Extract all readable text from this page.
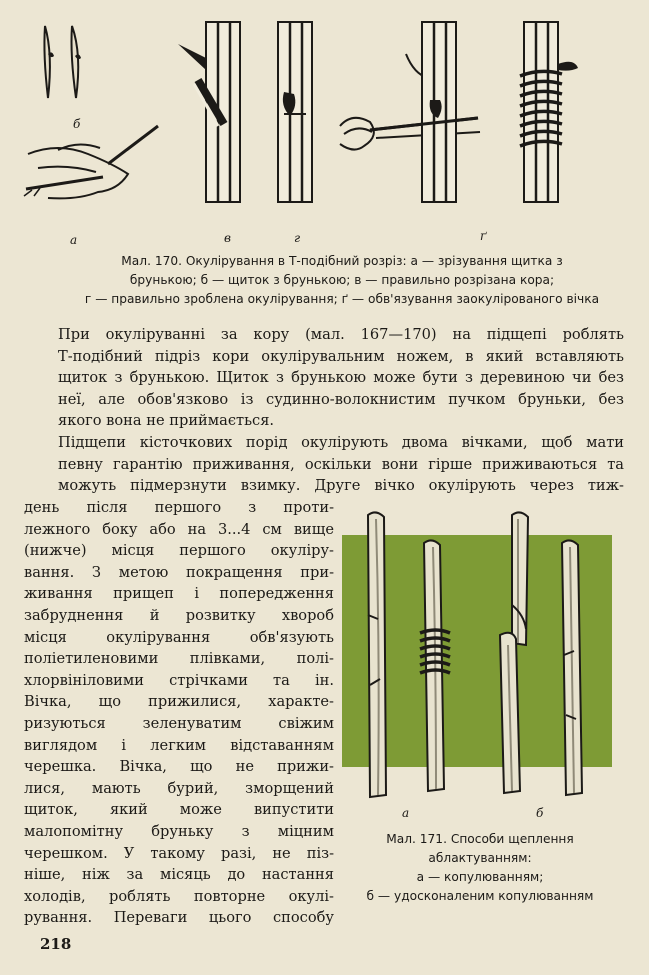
а
б
в	г	ґ
Мал. 170. Окулірування в Т-подібний розріз: а — зрізування щитка з
брунькою; б — щиток з брунькою; в — правильно розрізана кора;
г — правильно зроблена окулірування; ґ — обв'язування заокулірованого вічка

При окуліруванні за кору (мал. 167—170) на підщепі роблять
Т-подібний підріз кори окулірувальним ножем, в який вставляють
щиток з брунькою. Щиток з брунькою може бути з деревиною чи без
неї, але обов'язково із судинно-волокнистим пучком бруньки, без
якого вона не приймається.

Підщепи кісточкових порід окулірують двома вічками, щоб мати
певну гарантію приживання, оскільки вони гірше приживаються та
можуть підмерзнути взимку. Друге вічко окулірують через тиж-

день після першого з проти-
лежного боку або на 3...4 см вище
(нижче) місця першого окуліру-
вання. З метою покращення при-
живання прищеп і попередження
забруднення й розвитку хвороб
місця окулірування обв'язують
поліетиленовими плівками, полі-
хлорвініловими стрічками та ін.
Вічка, що прижилися, характе-
ризуються зеленуватим свіжим
виглядом і легким відставанням
черешка. Вічка, що не прижи-
лися, мають бурий, зморщений
щиток, який може випустити
малопомітну бруньку з міцним
черешком. У такому разі, не піз-
ніше, ніж за місяць до настання
холодів, роблять повторне окулі-
рування. Переваги цього способу

а	б
Мал. 171. Способи щеплення
аблактуванням:
а — копулюванням;
б — удосконаленим копулюванням
218
